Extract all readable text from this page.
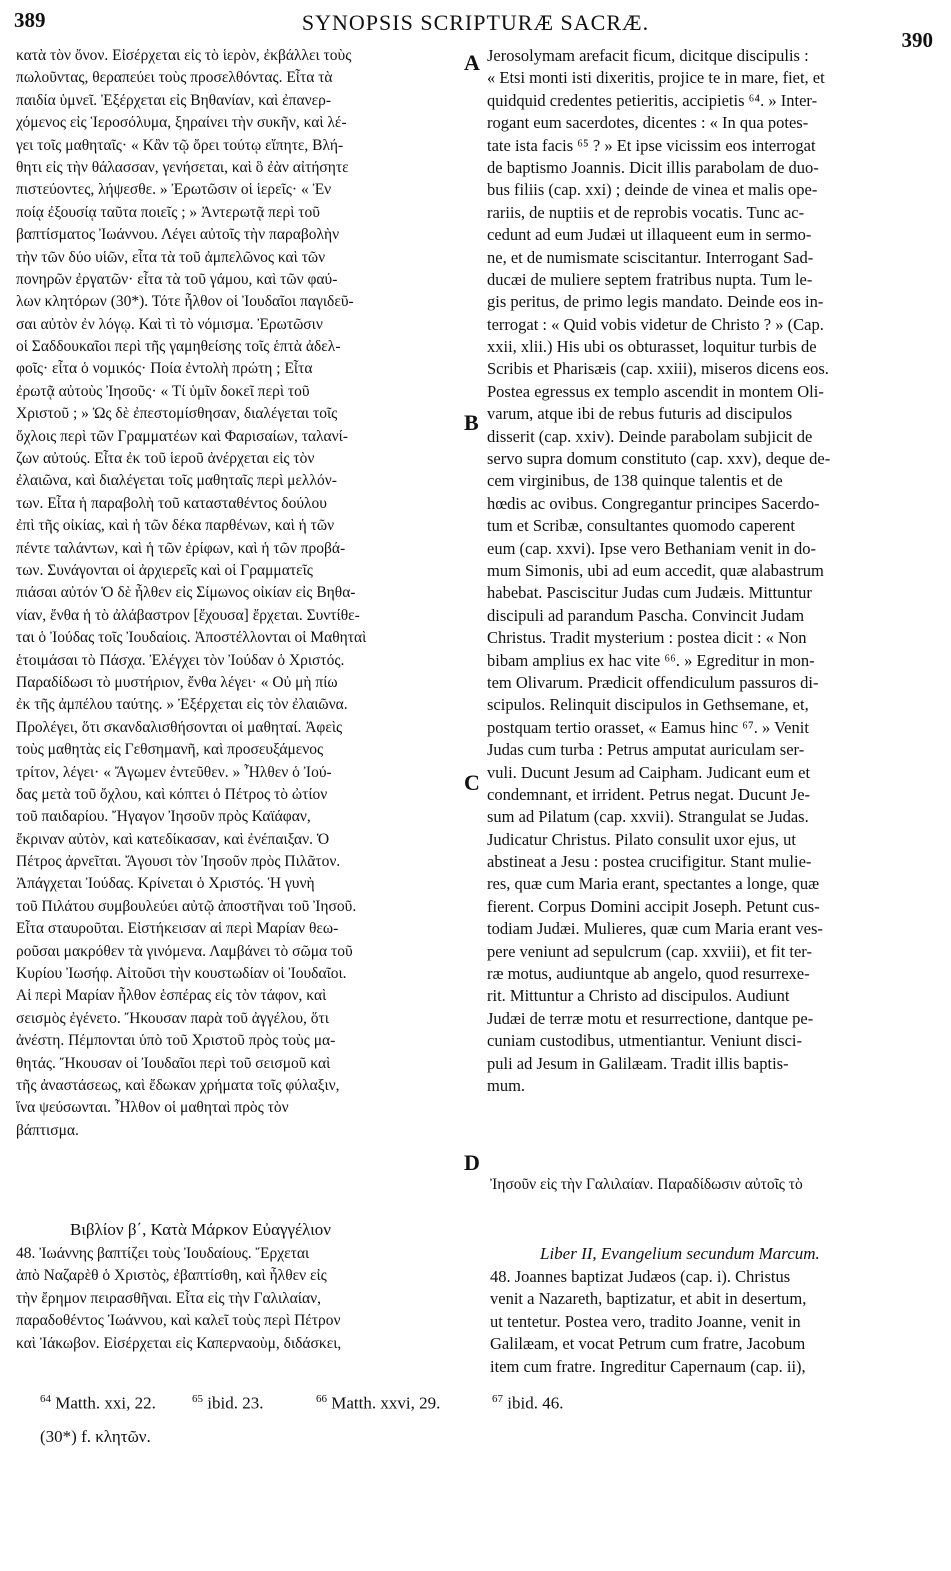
389	SYNOPSIS SCRIPTURÆ SACRÆ.
390
κατὰ τὸν ὄνον. Εἰσέρχεται εἰς τὸ ἱερὸν, ἐκβάλλει τοὺς
πωλοῦντας, θεραπεύει τοὺς προσελθόντας. Εἶτα τὰ
παιδία ὑμνεῖ. Ἐξέρχεται εἰς Βηθανίαν, καὶ ἐπανερ-
χόμενος εἰς Ἱεροσόλυμα, ξηραίνει τὴν συκῆν, καὶ λέ-
γει τοῖς μαθηταῖς· « Κἂν τῷ ὄρει τούτῳ εἴπητε, Βλή-
θητι εἰς τὴν θάλασσαν, γενήσεται, καὶ ὃ ἐὰν αἰτήσητε
πιστεύοντες, λήψεσθε. » Ἐρωτῶσιν οἱ ἱερεῖς· « Ἐν
ποίᾳ ἐξουσίᾳ ταῦτα ποιεῖς ; » Ἀντερωτᾷ περὶ τοῦ
βαπτίσματος Ἰωάννου. Λέγει αὐτοῖς τὴν παραβολὴν
τὴν τῶν δύο υἱῶν, εἶτα τὰ τοῦ ἀμπελῶνος καὶ τῶν
πονηρῶν ἐργατῶν· εἶτα τὰ τοῦ γάμου, καὶ τῶν φαύ-
λων κλητόρων (30*). Τότε ἦλθον οἱ Ἰουδαῖοι παγιδεῦ-
σαι αὐτὸν ἐν λόγῳ. Καὶ τὶ τὸ νόμισμα. Ἐρωτῶσιν
οἱ Σαδδουκαῖοι περὶ τῆς γαμηθείσης τοῖς ἑπτὰ ἀδελ-
φοῖς· εἶτα ὁ νομικός· Ποία ἐντολὴ πρώτη ; Εἶτα
ἐρωτᾷ αὐτοὺς Ἰησοῦς· « Τί ὑμῖν δοκεῖ περὶ τοῦ
Χριστοῦ ; » Ὡς δὲ ἐπεστομίσθησαν, διαλέγεται τοῖς
ὄχλοις περὶ τῶν Γραμματέων καὶ Φαρισαίων, ταλανί-
ζων αὐτούς. Εἶτα ἐκ τοῦ ἱεροῦ ἀνέρχεται εἰς τὸν
ἐλαιῶνα, καὶ διαλέγεται τοῖς μαθηταῖς περὶ μελλόν-
των. Εἶτα ἡ παραβολὴ τοῦ κατασταθέντος δούλου
ἐπὶ τῆς οἰκίας, καὶ ἡ τῶν δέκα παρθένων, καὶ ἡ τῶν
πέντε ταλάντων, καὶ ἡ τῶν ἐρίφων, καὶ ἡ τῶν προβά-
των. Συνάγονται οἱ ἀρχιερεῖς καὶ οἱ Γραμματεῖς
πιάσαι αὐτόν Ὁ δὲ ἦλθεν εἰς Σίμωνος οἰκίαν εἰς Βηθα-
νίαν, ἔνθα ἡ τὸ ἀλάβαστρον [ἔχουσα] ἔρχεται. Συντίθε-
ται ὁ Ἰούδας τοῖς Ἰουδαίοις. Ἀποστέλλονται οἱ Μαθηταὶ
ἑτοιμάσαι τὸ Πάσχα. Ἐλέγχει τὸν Ἰούδαν ὁ Χριστός.
Παραδίδωσι τὸ μυστήριον, ἔνθα λέγει· « Οὐ μὴ πίω
ἐκ τῆς ἀμπέλου ταύτης. » Ἐξέρχεται εἰς τὸν ἐλαιῶνα.
Προλέγει, ὅτι σκανδαλισθήσονται οἱ μαθηταί. Ἀφεὶς
τοὺς μαθητὰς εἰς Γεθσημανῆ, καὶ προσευξάμενος
τρίτον, λέγει· « Ἄγωμεν ἐντεῦθεν. » Ἦλθεν ὁ Ἰού-
δας μετὰ τοῦ ὄχλου, καὶ κόπτει ὁ Πέτρος τὸ ὠτίον
τοῦ παιδαρίου. Ἤγαγον Ἰησοῦν πρὸς Καϊάφαν,
ἔκριναν αὐτὸν, καὶ κατεδίκασαν, καὶ ἐνέπαιξαν. Ὁ
Πέτρος ἀρνεῖται. Ἄγουσι τὸν Ἰησοῦν πρὸς Πιλᾶτον.
Ἀπάγχεται Ἰούδας. Κρίνεται ὁ Χριστός. Ἡ γυνὴ
τοῦ Πιλάτου συμβουλεύει αὐτῷ ἀποστῆναι τοῦ Ἰησοῦ.
Εἶτα σταυροῦται. Εἰστήκεισαν αἱ περὶ Μαρίαν θεω-
ροῦσαι μακρόθεν τὰ γινόμενα. Λαμβάνει τὸ σῶμα τοῦ
Κυρίου Ἰωσήφ. Αἰτοῦσι τὴν κουστωδίαν οἱ Ἰουδαῖοι.
Αἱ περὶ Μαρίαν ἦλθον ἑσπέρας εἰς τὸν τάφον, καὶ
σεισμὸς ἐγένετο. Ἤκουσαν παρὰ τοῦ ἀγγέλου, ὅτι
ἀνέστη. Πέμπονται ὑπὸ τοῦ Χριστοῦ πρὸς τοὺς μα-
θητάς. Ἤκουσαν οἱ Ἰουδαῖοι περὶ τοῦ σεισμοῦ καὶ
τῆς ἀναστάσεως, καὶ ἔδωκαν χρήματα τοῖς φύλαξιν,
ἵνα ψεύσωνται. Ἦλθον οἱ μαθηταὶ πρὸς τὸν
βάπτισμα.
Jerosolymam arefacit ficum, dicitque discipulis :
« Etsi monti isti dixeritis, projice te in mare, fiet, et
quidquid credentes petieritis, accipietis ⁶⁴. » Inter-
rogant eum sacerdotes, dicentes : « In qua potes-
tate ista facis ⁶⁵ ? » Et ipse vicissim eos interrogat
de baptismo Joannis. Dicit illis parabolam de duo-
bus filiis (cap. xxi) ; deinde de vinea et malis ope-
rariis, de nuptiis et de reprobis vocatis. Tunc ac-
cedunt ad eum Judæi ut illaqueent eum in sermo-
ne, et de numismate sciscitantur. Interrogant Sad-
ducæi de muliere septem fratribus nupta. Tum le-
gis peritus, de primo legis mandato. Deinde eos in-
terrogat : « Quid vobis videtur de Christo ? » (Cap.
xxii, xlii.) His ubi os obturasset, loquitur turbis de
Scribis et Pharisæis (cap. xxiii), miseros dicens eos.
Postea egressus ex templo ascendit in montem Oli-
varum, atque ibi de rebus futuris ad discipulos
disserit (cap. xxiv). Deinde parabolam subjicit de
servo supra domum constituto (cap. xxv), deque de-
cem virginibus, de 138 quinque talentis et de
hœdis ac ovibus. Congregantur principes Sacerdo-
tum et Scribæ, consultantes quomodo caperent
eum (cap. xxvi). Ipse vero Bethaniam venit in do-
mum Simonis, ubi ad eum accedit, quæ alabastrum
habebat. Pasciscitur Judas cum Judæis. Mittuntur
discipuli ad parandum Pascha. Convincit Judam
Christus. Tradit mysterium : postea dicit : « Non
bibam amplius ex hac vite ⁶⁶. » Egreditur in mon-
tem Olivarum. Prædicit offendiculum passuros di-
scipulos. Relinquit discipulos in Gethsemane, et,
postquam tertio orasset, « Eamus hinc ⁶⁷. » Venit
Judas cum turba : Petrus amputat auriculam ser-
vuli. Ducunt Jesum ad Caipham. Judicant eum et
condemnant, et irrident. Petrus negat. Ducunt Je-
sum ad Pilatum (cap. xxvii). Strangulat se Judas.
Judicatur Christus. Pilato consulit uxor ejus, ut
abstineat a Jesu : postea crucifigitur. Stant mulie-
res, quæ cum Maria erant, spectantes a longe, quæ
fierent. Corpus Domini accipit Joseph. Petunt cus-
todiam Judæi. Mulieres, quæ cum Maria erant ves-
pere veniunt ad sepulcrum (cap. xxviii), et fit ter-
ræ motus, audiuntque ab angelo, quod resurrexe-
rit. Mittuntur a Christo ad discipulos. Audiunt
Judæi de terræ motu et resurrectione, dantque pe-
cuniam custodibus, utmentiantur. Veniunt disci-
puli ad Jesum in Galilæam. Tradit illis baptis-
mum.
A
B
C
D
Ἰησοῦν εἰς τὴν Γαλιλαίαν. Παραδίδωσιν αὐτοῖς τὸ
Βιβλίον β΄, Κατὰ Μάρκον Εὐαγγέλιον
Liber II, Evangelium secundum Marcum.
48. Ἰωάννης βαπτίζει τοὺς Ἰουδαίους. Ἔρχεται
ἀπὸ Ναζαρὲθ ὁ Χριστὸς, ἐβαπτίσθη, καὶ ἦλθεν εἰς
τὴν ἔρημον πειρασθῆναι. Εἶτα εἰς τὴν Γαλιλαίαν,
παραδοθέντος Ἰωάννου, καὶ καλεῖ τοὺς περὶ Πέτρον
καὶ Ἰάκωβον. Εἰσέρχεται εἰς Καπερναοὺμ, διδάσκει,
48. Joannes baptizat Judæos (cap. i). Christus
venit a Nazareth, baptizatur, et abit in desertum,
ut tentetur. Postea vero, tradito Joanne, venit in
Galilæam, et vocat Petrum cum fratre, Jacobum
item cum fratre. Ingreditur Capernaum (cap. ii),
$^{64}$ Matth. xxi, 22.	$^{65}$ ibid. 23.	$^{66}$ Matth. xxvi, 29.	$^{67}$ ibid. 46.
(30*) f. κλητῶν.
